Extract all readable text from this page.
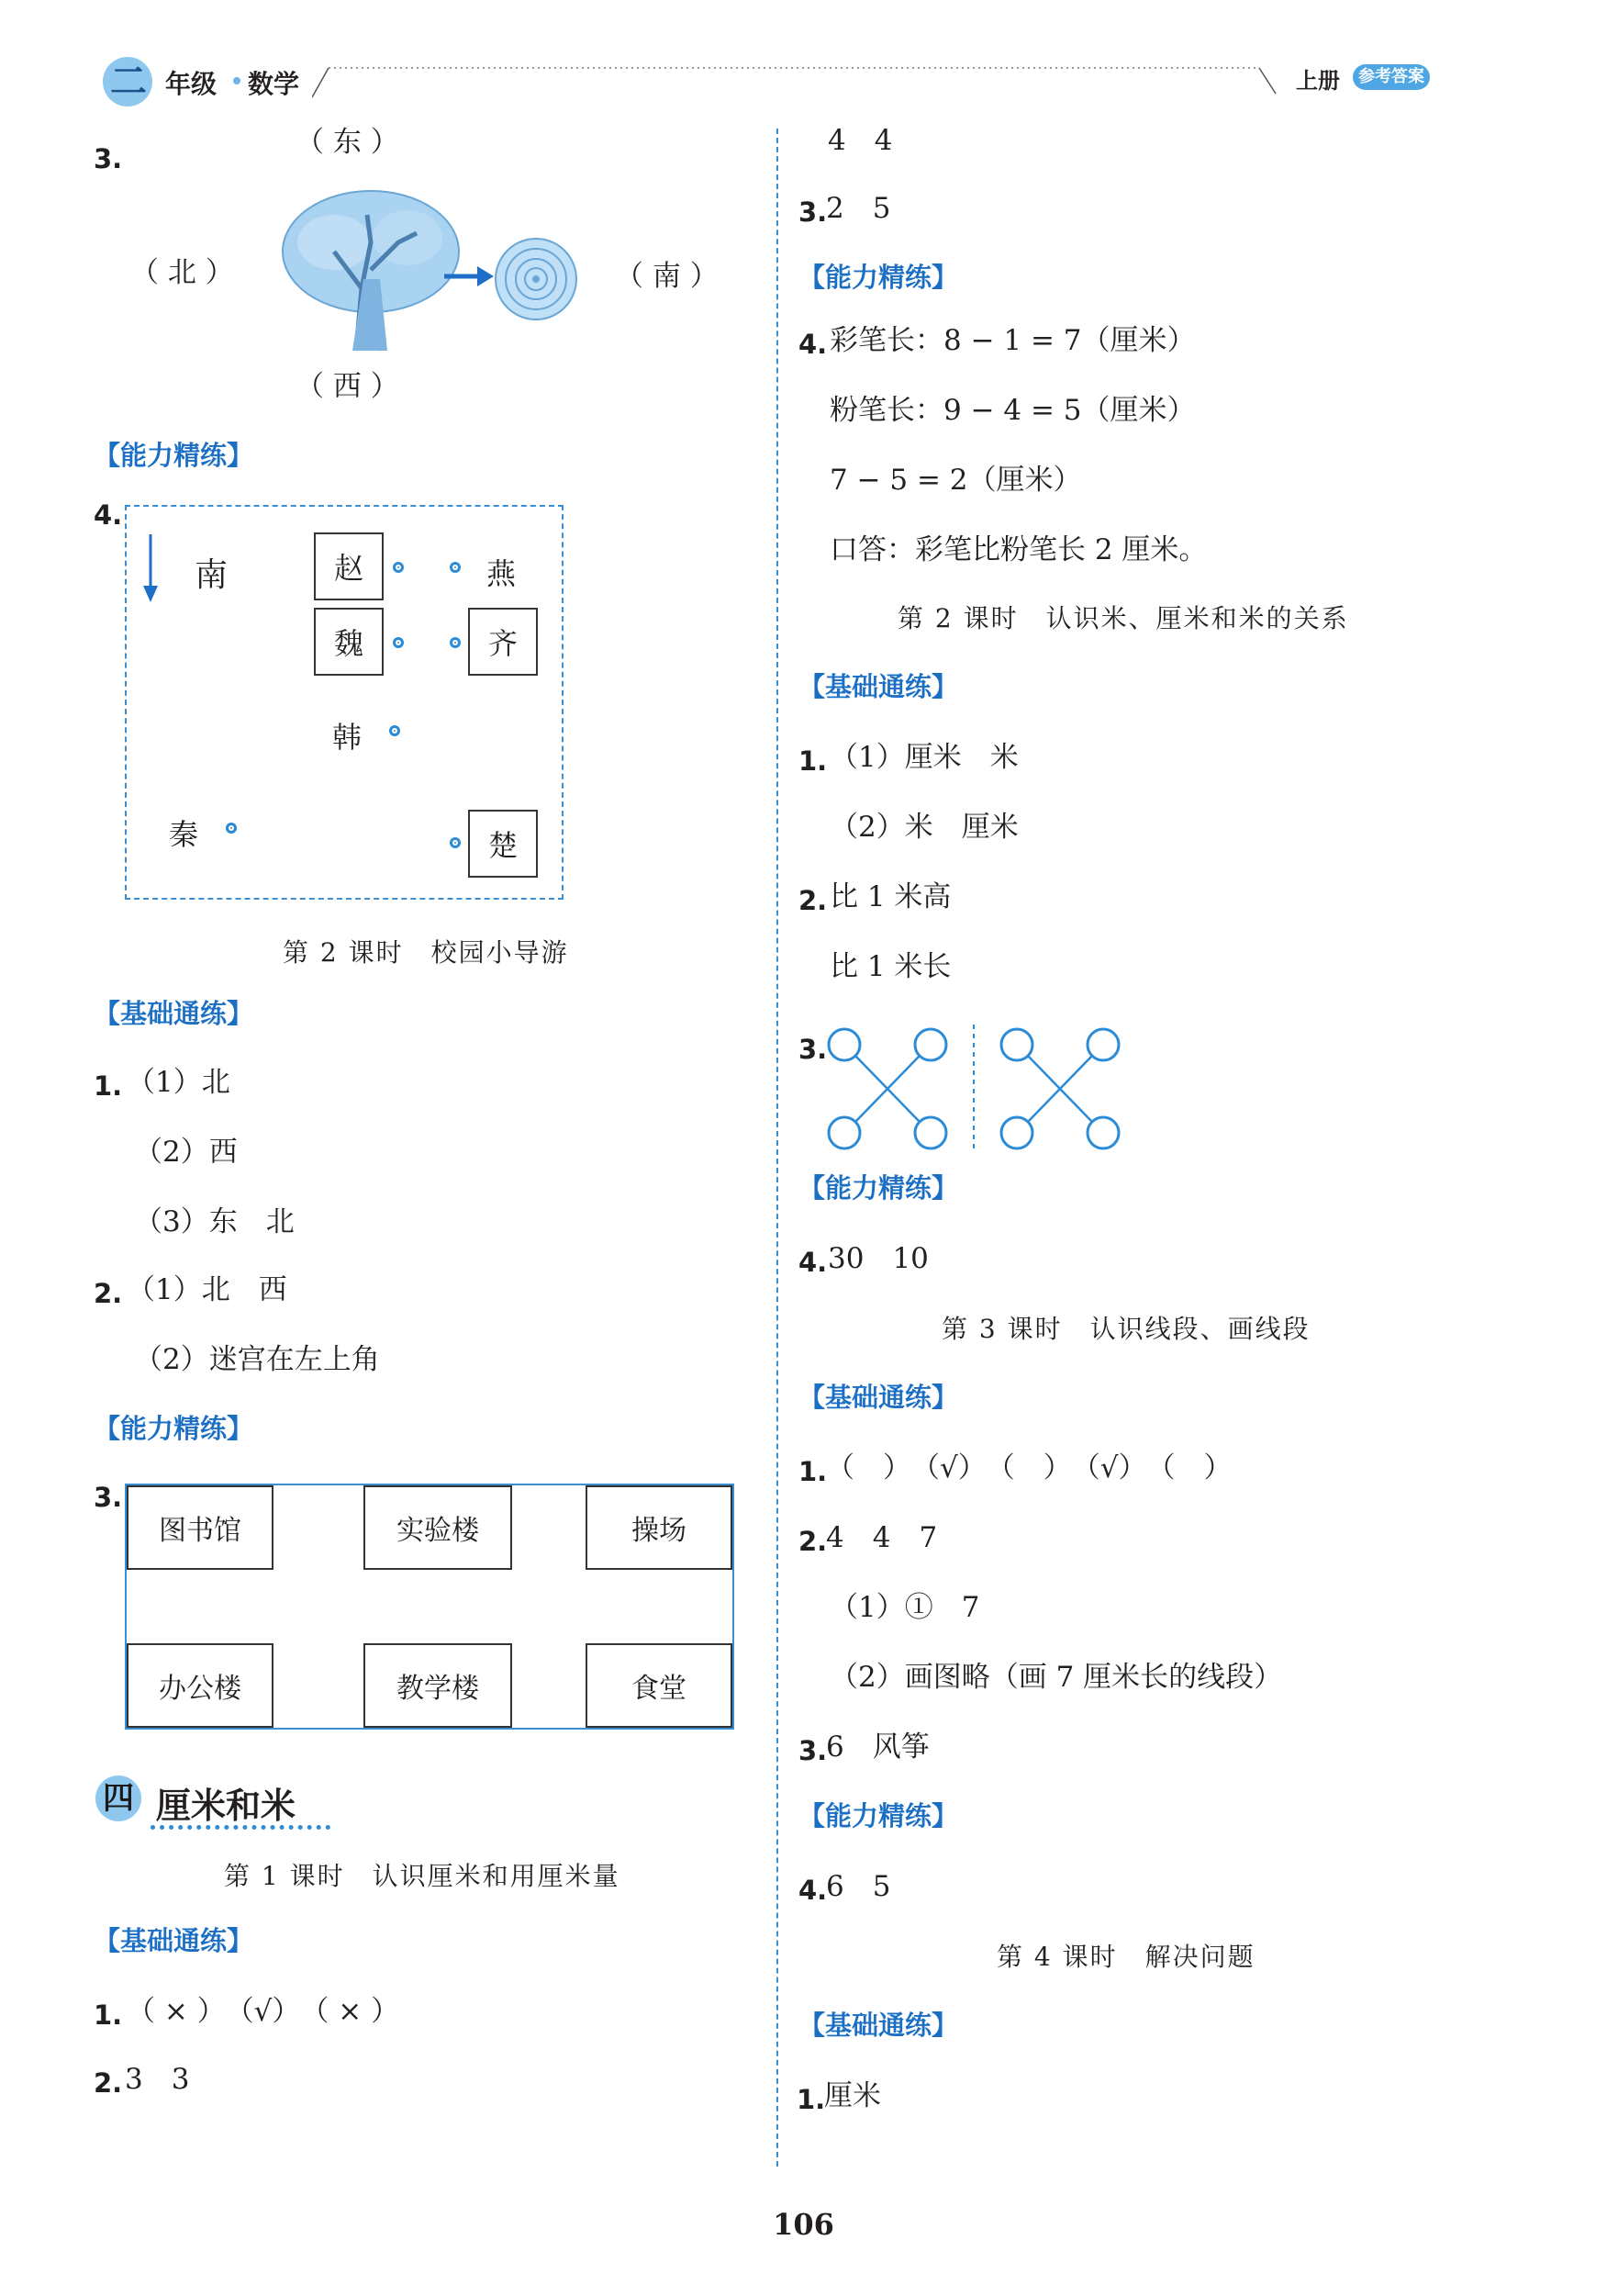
二 年级 数学	上册	参考答案
3.	（ 东 ）
（ 北 ）	（ 南 ）
（ 西 ）
【能力精练】
4.
南	赵	燕
魏	齐
韩
秦	楚
第 2 课时　校园小导游
【基础通练】
1. （1）北
（2）西
（3）东　北
2. （1）北　西
（2）迷宫在左上角
【能力精练】
3.
图书馆	实验楼	操场
办公楼	教学楼	食堂
四 厘米和米
第 1 课时　认识厘米和用厘米量
【基础通练】
1. （ × ）　（√）　（ × ）
2. 3　3
4　4
3.
2　5
【能力精练】
4. 彩笔长：8 − 1 = 7（厘米）
粉笔长：9 − 4 = 5（厘米）
7 − 5 = 2（厘米）
口答：彩笔比粉笔长 2 厘米。
第 2 课时　认识米、厘米和米的关系
【基础通练】
1. （1）厘米　米
（2）米　厘米
2. 比 1 米高
比 1 米长
3.
【能力精练】
4. 30　10
第 3 课时　认识线段、画线段
【基础通练】
1.
（　）　（√）　（　）　（√）　（　）
2.
4　4　7
（1）①　7
（2）画图略（画 7 厘米长的线段）
3.
6　风筝
【能力精练】
4.
6　5
第 4 课时　解决问题
【基础通练】
1.
厘米
106
